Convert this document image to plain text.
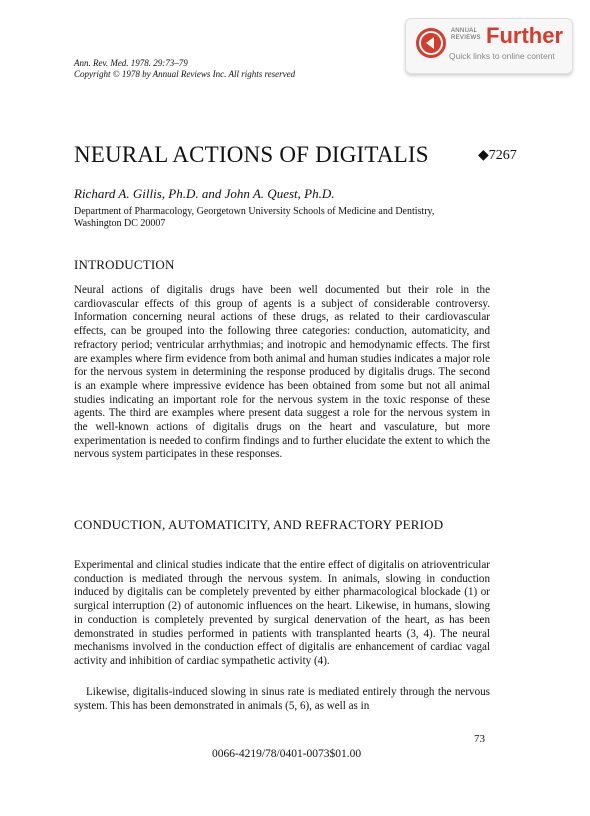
Ann. Rev. Med. 1978. 29:73–79
Copyright © 1978 by Annual Reviews Inc. All rights reserved
ANNUAL
REVIEWS Further
Quick links to online content
NEURAL ACTIONS OF DIGITALIS	◆7267
Richard A. Gillis, Ph.D. and John A. Quest, Ph.D.
Department of Pharmacology, Georgetown University Schools of Medicine and Dentistry, Washington DC 20007
INTRODUCTION
Neural actions of digitalis drugs have been well documented but their role in the cardiovascular effects of this group of agents is a subject of considerable controversy. Information concerning neural actions of these drugs, as related to their cardiovascular effects, can be grouped into the following three categories: conduction, automaticity, and refractory period; ventricular arrhythmias; and inotropic and hemodynamic effects. The first are examples where firm evidence from both animal and human studies indicates a major role for the nervous system in determining the response produced by digitalis drugs. The second is an example where impressive evidence has been obtained from some but not all animal studies indicating an important role for the nervous system in the toxic response of these agents. The third are examples where present data suggest a role for the nervous system in the well-known actions of digitalis drugs on the heart and vasculature, but more experimentation is needed to confirm findings and to further elucidate the extent to which the nervous system participates in these responses.
CONDUCTION, AUTOMATICITY, AND REFRACTORY PERIOD
Experimental and clinical studies indicate that the entire effect of digitalis on atrioventricular conduction is mediated through the nervous system. In animals, slowing in conduction induced by digitalis can be completely prevented by either pharmacological blockade (1) or surgical interruption (2) of autonomic influences on the heart. Likewise, in humans, slowing in conduction is completely prevented by surgical denervation of the heart, as has been demonstrated in studies performed in patients with transplanted hearts (3, 4). The neural mechanisms involved in the conduction effect of digitalis are enhancement of cardiac vagal activity and inhibition of cardiac sympathetic activity (4).
Likewise, digitalis-induced slowing in sinus rate is mediated entirely through the nervous system. This has been demonstrated in animals (5, 6), as well as in
73
0066-4219/78/0401-0073$01.00
